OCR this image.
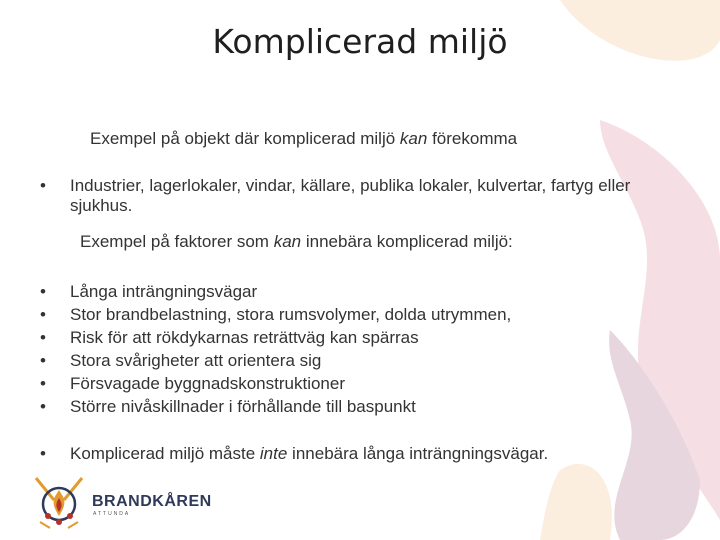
Komplicerad miljö
Exempel på objekt där komplicerad miljö kan förekomma
•	Industrier, lagerlokaler, vindar, källare, publika lokaler, kulvertar, fartyg eller sjukhus.
Exempel på faktorer som kan innebära komplicerad miljö:
•	Långa inträngningsvägar
•	Stor brandbelastning, stora rumsvolymer, dolda utrymmen,
•	Risk för att rökdykarnas reträttväg kan spärras
•	Stora svårigheter att orientera sig
•	Försvagade byggnadskonstruktioner
•	Större nivåskillnader i förhållande till baspunkt
•	Komplicerad miljö måste inte innebära långa inträngningsvägar.
BRANDKÅREN
ATTUNDA
